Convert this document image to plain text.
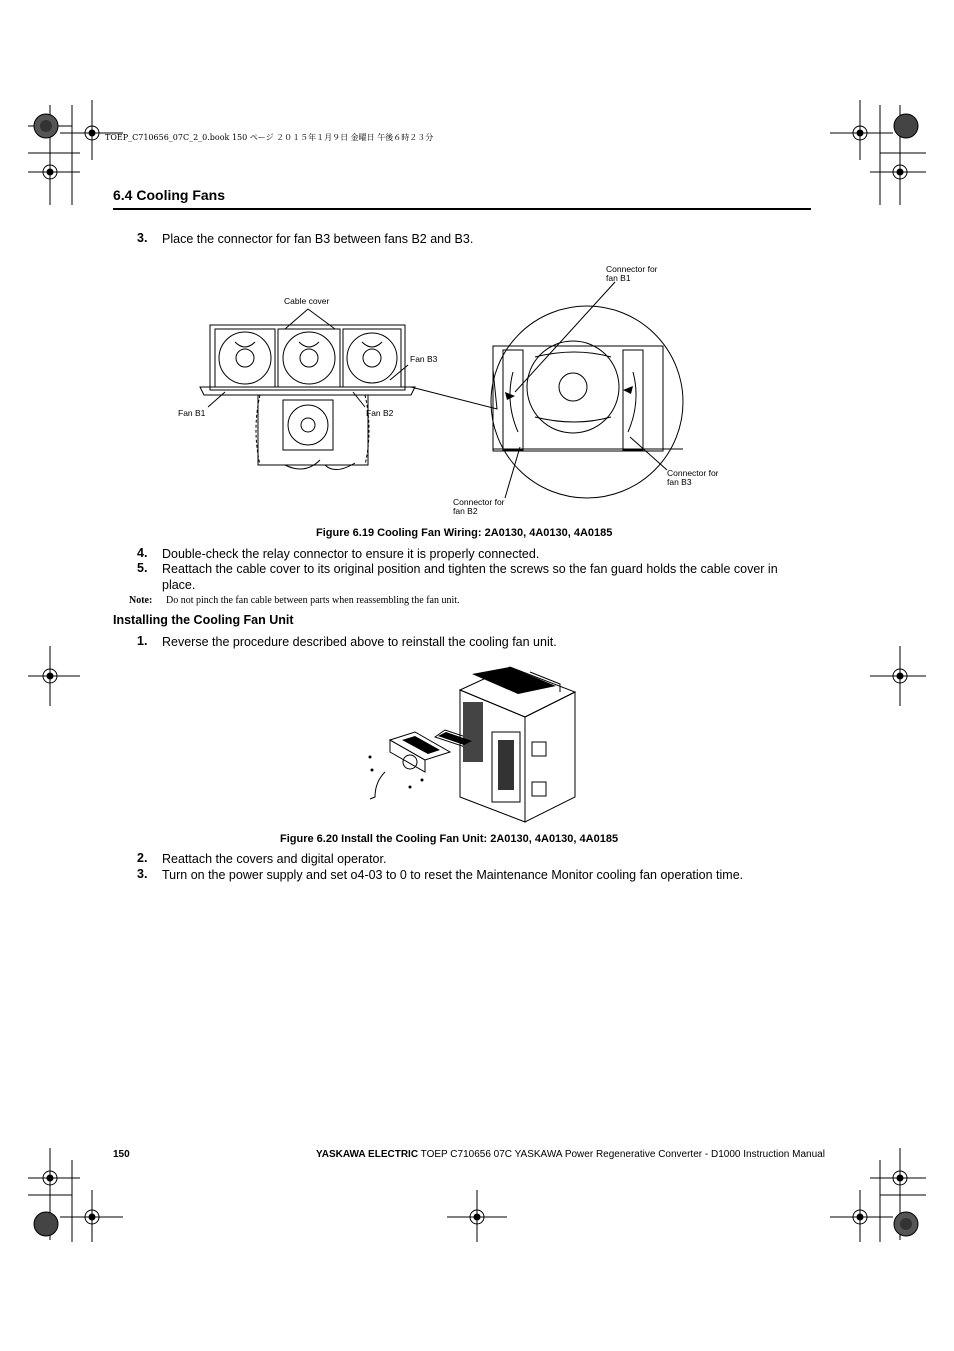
TOEP_C710656_07C_2_0.book 150 ページ ２０１５年１月９日 金曜日 午後６時２３分
6.4 Cooling Fans
3. Place the connector for fan B3 between fans B2 and B3.
Cable cover
Fan B3
Fan B1	Fan B2
Connector for
fan B1
Connector for
fan B3
Connector for
fan B2
Figure 6.19 Cooling Fan Wiring: 2A0130, 4A0130, 4A0185
4. Double-check the relay connector to ensure it is properly connected.
5. Reattach the cable cover to its original position and tighten the screws so the fan guard holds the cable cover in place.
Note: Do not pinch the fan cable between parts when reassembling the fan unit.
Installing the Cooling Fan Unit
1. Reverse the procedure described above to reinstall the cooling fan unit.
Figure 6.20 Install the Cooling Fan Unit: 2A0130, 4A0130, 4A0185
2. Reattach the covers and digital operator.
3. Turn on the power supply and set o4-03 to 0 to reset the Maintenance Monitor cooling fan operation time.
150	YASKAWA ELECTRIC TOEP C710656 07C YASKAWA Power Regenerative Converter - D1000 Instruction Manual
